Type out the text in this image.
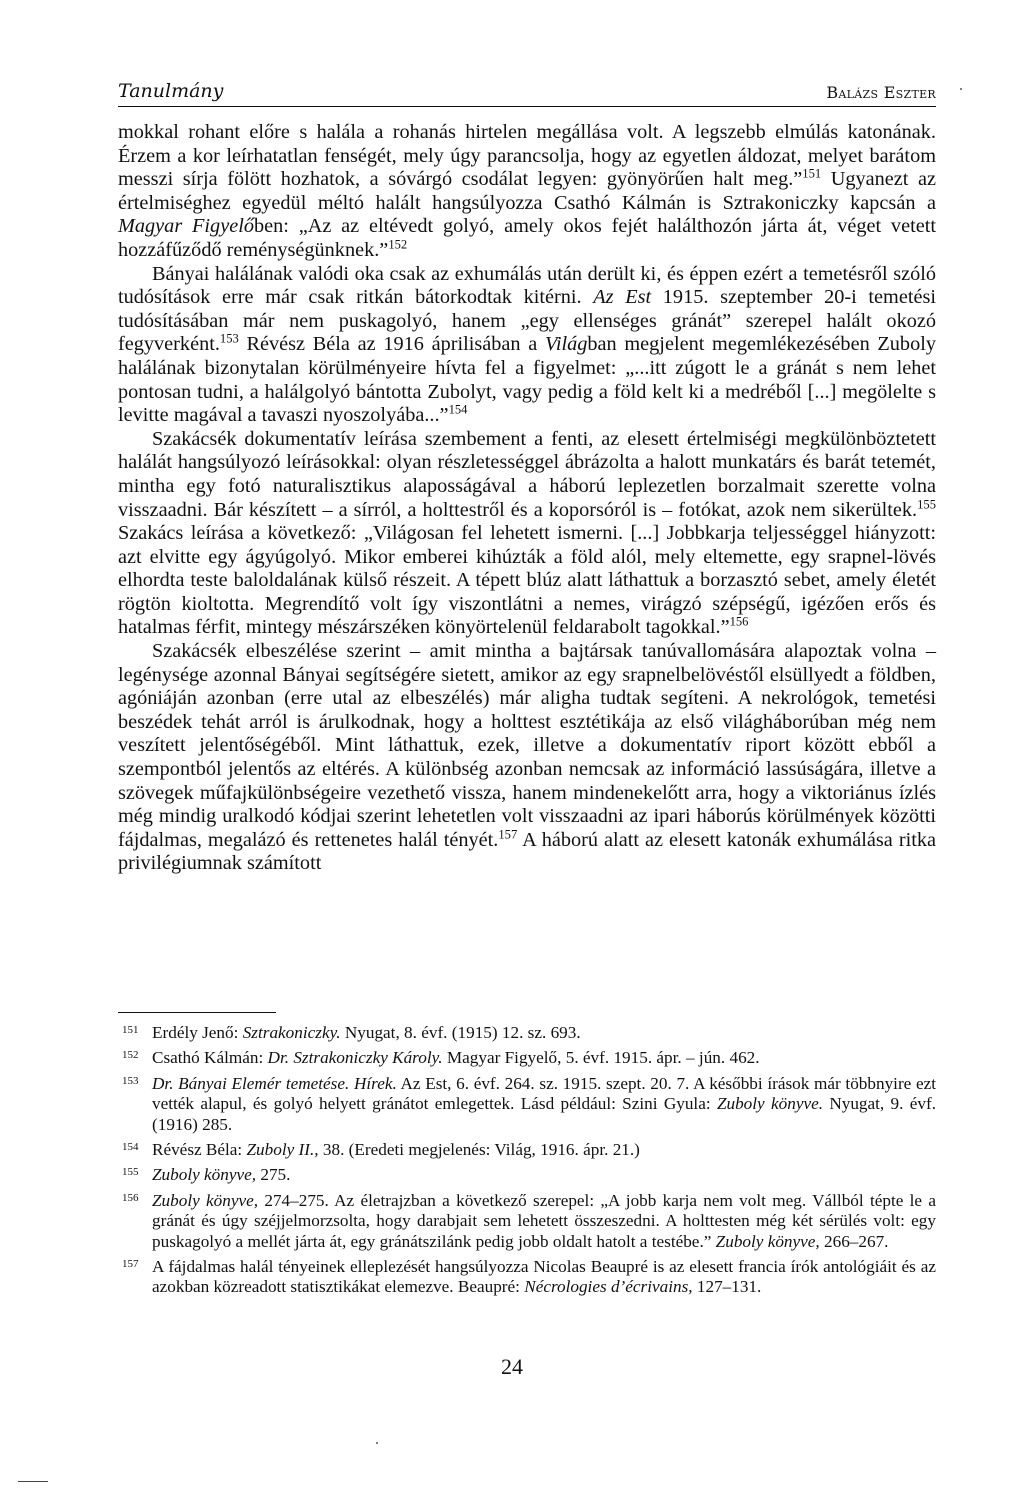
Tanulmány	Balázs Eszter

mokkal rohant előre s halála a rohanás hirtelen megállása volt. A legszebb elmúlás katonának. Érzem a kor leírhatatlan fenségét, mely úgy parancsolja, hogy az egyetlen áldozat, melyet barátom messzi sírja fölött hozhatok, a sóvárgó csodálat legyen: gyönyörűen halt meg.”$^{151}$ Ugyanezt az értelmiséghez egyedül méltó halált hangsúlyozza Csathó Kálmán is Sztrakoniczky kapcsán a Magyar Figyelőben: „Az az eltévedt golyó, amely okos fejét halálthozón járta át, véget vetett hozzáfűződő reménységünknek.”$^{152}$

Bányai halálának valódi oka csak az exhumálás után derült ki, és éppen ezért a temetésről szóló tudósítások erre már csak ritkán bátorkodtak kitérni. Az Est 1915. szeptember 20-i temetési tudósításában már nem puskagolyó, hanem „egy ellenséges gránát” szerepel halált okozó fegyverként.$^{153}$ Révész Béla az 1916 áprilisában a Világban megjelent megemlékezésében Zuboly halálának bizonytalan körülményeire hívta fel a figyelmet: „...itt zúgott le a gránát s nem lehet pontosan tudni, a halálgolyó bántotta Zubolyt, vagy pedig a föld kelt ki a medréből [...] megölelte s levitte magával a tavaszi nyoszolyába...”$^{154}$

Szakácsék dokumentatív leírása szembement a fenti, az elesett értelmiségi megkülönböztetett halálát hangsúlyozó leírásokkal: olyan részletességgel ábrázolta a halott munkatárs és barát tetemét, mintha egy fotó naturalisztikus alaposságával a háború leplezetlen borzalmait szerette volna visszaadni. Bár készített – a sírról, a holttestről és a koporsóról is – fotókat, azok nem sikerültek.$^{155}$ Szakács leírása a következő: „Világosan fel lehetett ismerni. [...] Jobbkarja teljességgel hiányzott: azt elvitte egy ágyúgolyó. Mikor emberei kihúzták a föld alól, mely eltemette, egy srapnel-lövés elhordta teste baloldalának külső részeit. A tépett blúz alatt láthattuk a borzasztó sebet, amely életét rögtön kioltotta. Megrendítő volt így viszontlátni a nemes, virágzó szépségű, igézően erős és hatalmas férfit, mintegy mészárszéken könyörtelenül feldarabolt tagokkal.”$^{156}$

Szakácsék elbeszélése szerint – amit mintha a bajtársak tanúvallomására alapoztak volna – legénysége azonnal Bányai segítségére sietett, amikor az egy srapnelbelövéstől elsüllyedt a földben, agóniáján azonban (erre utal az elbeszélés) már aligha tudtak segíteni. A nekrológok, temetési beszédek tehát arról is árulkodnak, hogy a holttest esztétikája az első világháborúban még nem veszített jelentőségéből. Mint láthattuk, ezek, illetve a dokumentatív riport között ebből a szempontból jelentős az eltérés. A különbség azonban nemcsak az információ lassúságára, illetve a szövegek műfajkülönbségeire vezethető vissza, hanem mindenekelőtt arra, hogy a viktoriánus ízlés még mindig uralkodó kódjai szerint lehetetlen volt visszaadni az ipari háborús körülmények közötti fájdalmas, megalázó és rettenetes halál tényét.$^{157}$ A háború alatt az elesett katonák exhumálása ritka privilégiumnak számított

151 Erdély Jenő: Sztrakoniczky. Nyugat, 8. évf. (1915) 12. sz. 693.
152 Csathó Kálmán: Dr. Sztrakoniczky Károly. Magyar Figyelő, 5. évf. 1915. ápr. – jún. 462.
153 Dr. Bányai Elemér temetése. Hírek. Az Est, 6. évf. 264. sz. 1915. szept. 20. 7. A későbbi írások már többnyire ezt vették alapul, és golyó helyett gránátot emlegettek. Lásd például: Szini Gyula: Zuboly könyve. Nyugat, 9. évf. (1916) 285.
154 Révész Béla: Zuboly II., 38. (Eredeti megjelenés: Világ, 1916. ápr. 21.)
155 Zuboly könyve, 275.
156 Zuboly könyve, 274–275. Az életrajzban a következő szerepel: „A jobb karja nem volt meg. Vállból tépte le a gránát és úgy széjjelmorzsolta, hogy darabjait sem lehetett összeszedni. A holttesten még két sérülés volt: egy puskagolyó a mellét járta át, egy gránátszilánk pedig jobb oldalt hatolt a testébe.” Zuboly könyve, 266–267.
157 A fájdalmas halál tényeinek elleplezését hangsúlyozza Nicolas Beaupré is az elesett francia írók antológiáit és az azokban közreadott statisztikákat elemezve. Beaupré: Nécrologies d’écrivains, 127–131.
24
